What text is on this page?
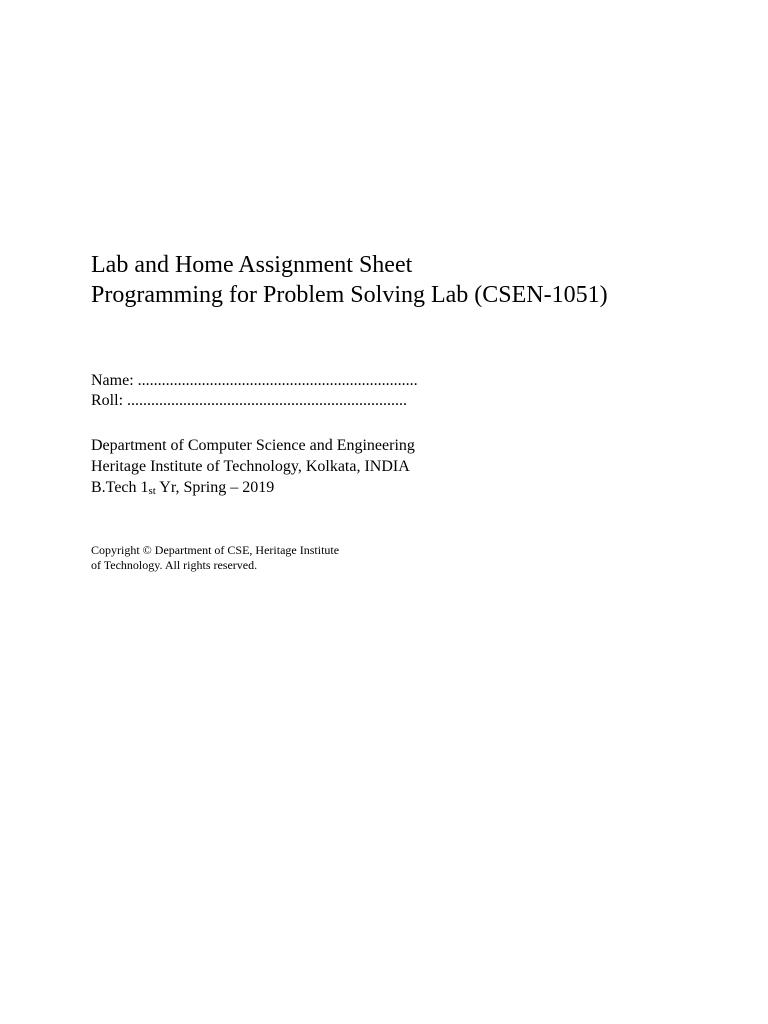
Lab and Home Assignment Sheet
Programming for Problem Solving Lab (CSEN-1051)
Name: ......................................................................
Roll: ......................................................................
Department of Computer Science and Engineering
Heritage Institute of Technology, Kolkata, INDIA
B.Tech 1st Yr, Spring – 2019
Copyright © Department of CSE, Heritage Institute
of Technology. All rights reserved.
